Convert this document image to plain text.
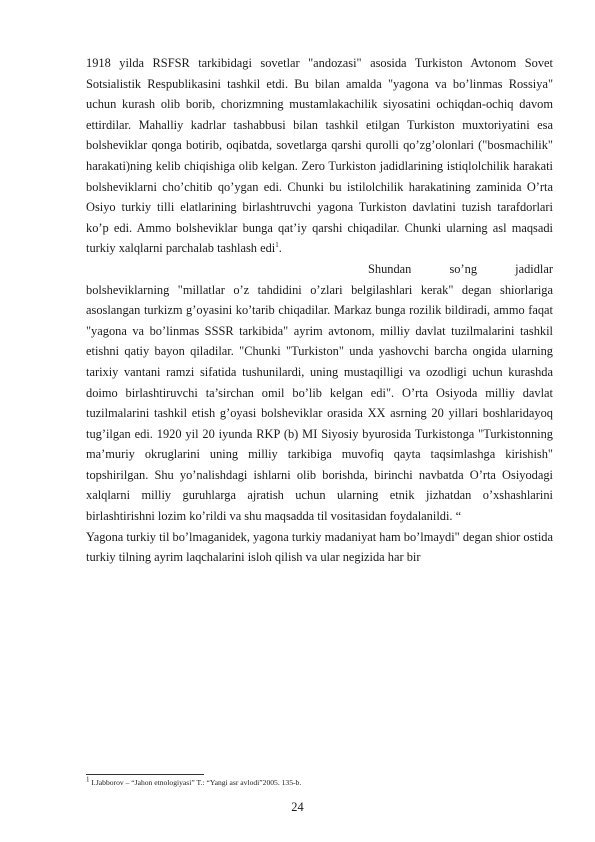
1918 yilda RSFSR tarkibidagi sovetlar "andozasi" asosida Turkiston Avtonom Sovet Sotsialistik Respublikasini tashkil etdi. Bu bilan amalda "yagona va bo’linmas Rossiya" uchun kurash olib borib, chorizmning mustamlakachilik siyosatini ochiqdan-ochiq davom ettirdilar. Mahalliy kadrlar tashabbusi bilan tashkil etilgan Turkiston muxtoriyatini esa bolsheviklar qonga botirib, oqibatda, sovetlarga qarshi qurolli qo’zg’olonlari ("bosmachilik" harakati)ning kelib chiqishiga olib kelgan. Zero Turkiston jadidlarining istiqlolchilik harakati bolsheviklarni cho’chitib qo’ygan edi. Chunki bu istilolchilik harakatining zaminida O’rta Osiyo turkiy tilli elatlarining birlashtruvchi yagona Turkiston davlatini tuzish tarafdorlari ko’p edi. Ammo bolsheviklar bunga qat’iy qarshi chiqadilar. Chunki ularning asl maqsadi turkiy xalqlarni parchalab tashlash edi$^1$.

Shundan so’ng jadidlar bolsheviklarning "millatlar o’z tahdidini o’zlari belgilashlari kerak" degan shiorlariga asoslangan turkizm g’oyasini ko’tarib chiqadilar. Markaz bunga rozilik bildiradi, ammo faqat "yagona va bo’linmas SSSR tarkibida" ayrim avtonom, milliy davlat tuzilmalarini tashkil etishni qatiy bayon qiladilar. "Chunki "Turkiston" unda yashovchi barcha ongida ularning tarixiy vantani ramzi sifatida tushunilardi, uning mustaqilligi va ozodligi uchun kurashda doimo birlashtiruvchi ta’sirchan omil bo’lib kelgan edi". O’rta Osiyoda milliy davlat tuzilmalarini tashkil etish g’oyasi bolsheviklar orasida XX asrning 20 yillari boshlaridayoq tug’ilgan edi. 1920 yil 20 iyunda RKP (b) MI Siyosiy byurosida Turkistonga "Turkistonning ma’muriy okruglarini uning milliy tarkibiga muvofiq qayta taqsimlashga kirishish" topshirilgan. Shu yo’nalishdagi ishlarni olib borishda, birinchi navbatda O’rta Osiyodagi xalqlarni milliy guruhlarga ajratish uchun ularning etnik jizhatdan o’xshashlarini birlashtirishni lozim ko’rildi va shu maqsadda til vositasidan foydalanildi. “

Yagona turkiy til bo’lmaganidek, yagona turkiy madaniyat ham bo’lmaydi" degan shior ostida turkiy tilning ayrim laqchalarini isloh qilish va ular negizida har bir

1 I.Jabborov – “Jahon etnologiyasi” T.: “Yangi asr avlodi”2005. 135-b.

24
